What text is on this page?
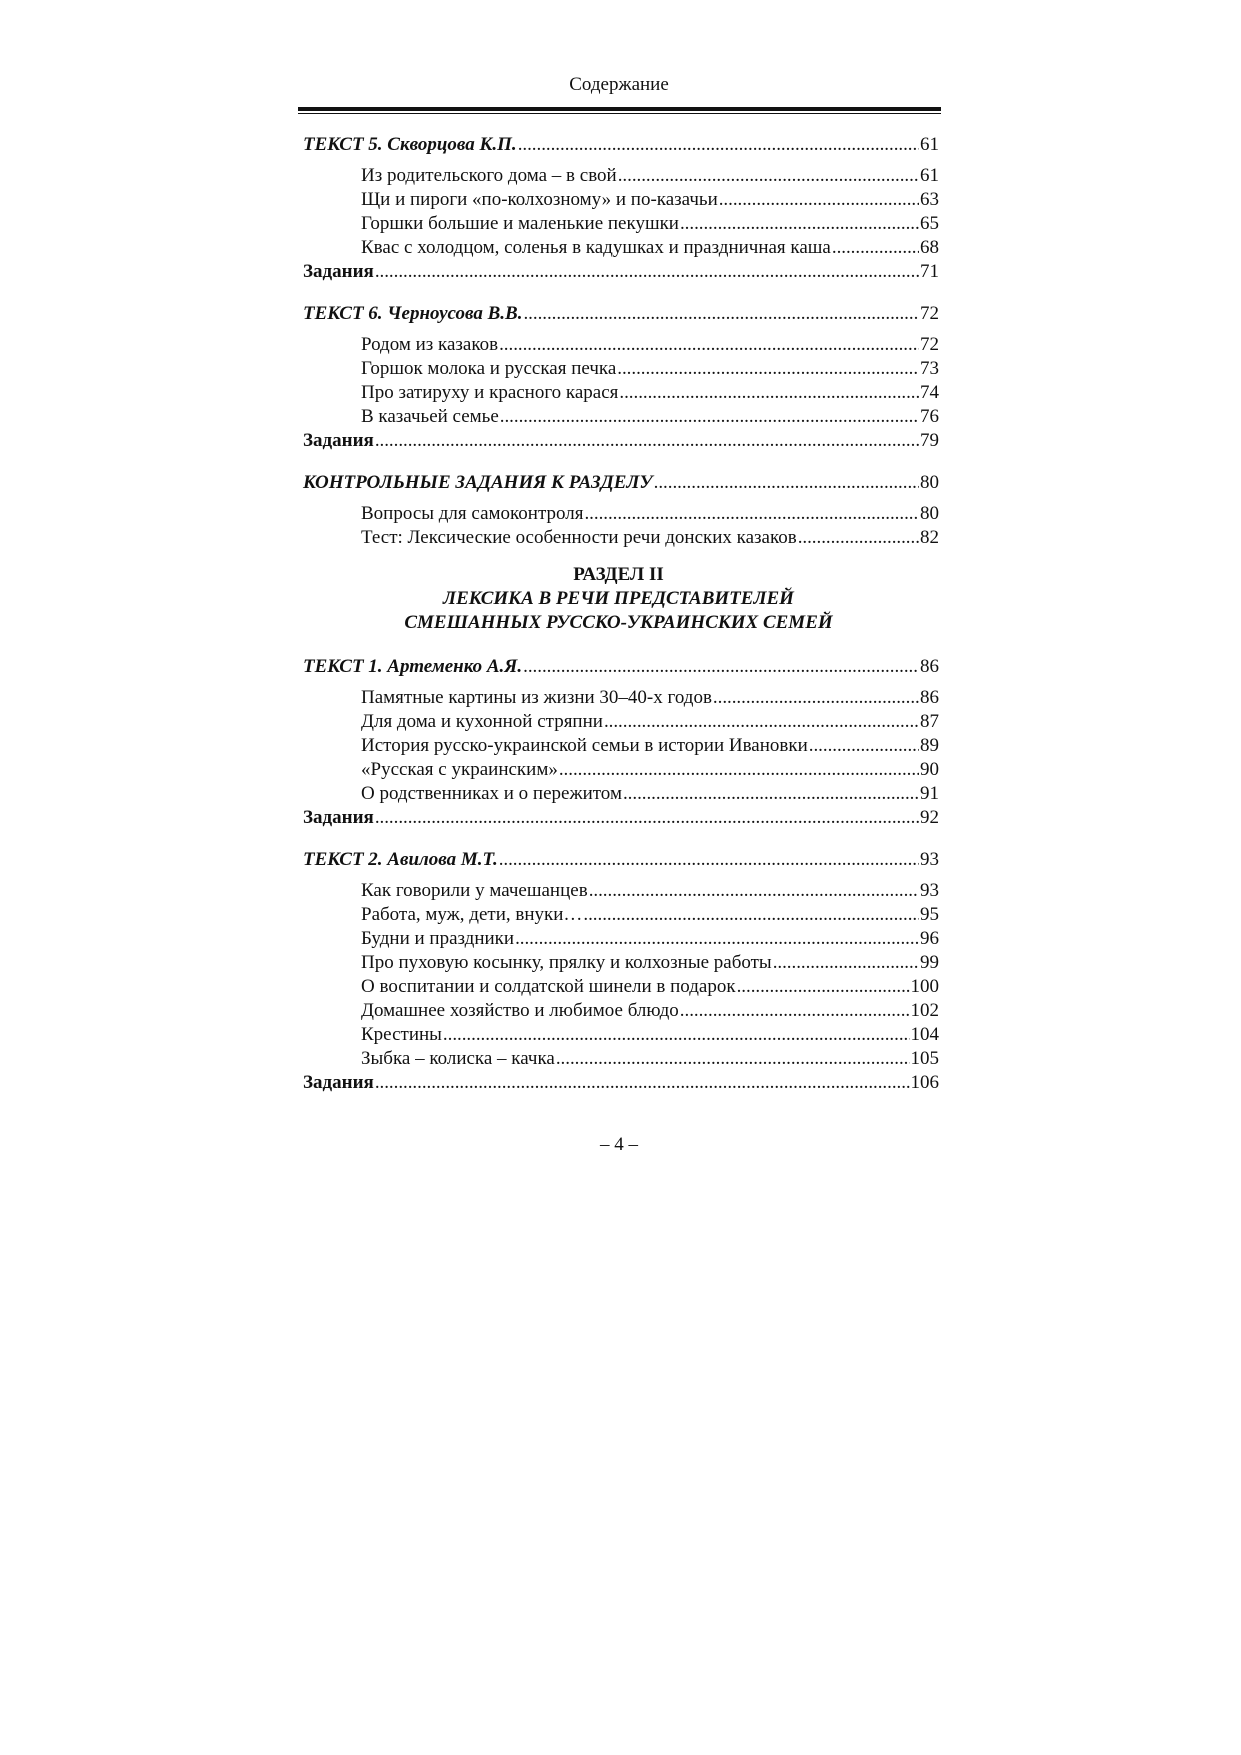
Содержание
ТЕКСТ 5. Скворцова К.П. . . .	61
Из родительского дома – в свой . . .	61
Щи и пироги «по-колхозному» и по-казачьи . . .	63
Горшки большие и маленькие пекушки . . .	65
Квас с холодцом, соленья в кадушках и праздничная каша . . .	68
Задания . . .	71
ТЕКСТ 6. Черноусова В.В. . . .	72
Родом из казаков . . .	72
Горшок молока и русская печка . . .	73
Про затируху и красного карася . . .	74
В казачьей семье . . .	76
Задания . . .	79
КОНТРОЛЬНЫЕ ЗАДАНИЯ К РАЗДЕЛУ . . .	80
Вопросы для самоконтроля . . .	80
Тест: Лексические особенности речи донских казаков . . .	82
РАЗДЕЛ II
ЛЕКСИКА В РЕЧИ ПРЕДСТАВИТЕЛЕЙ
СМЕШАННЫХ РУССКО-УКРАИНСКИХ СЕМЕЙ
ТЕКСТ 1. Артеменко А.Я. . . .	86
Памятные картины из жизни 30–40-х годов . . .	86
Для дома и кухонной стряпни . . .	87
История русско-украинской семьи в истории Ивановки . . .	89
«Русская с украинским» . . .	90
О родственниках и о пережитом . . .	91
Задания . . .	92
ТЕКСТ 2. Авилова М.Т. . . .	93
Как говорили у мачешанцев . . .	93
Работа, муж, дети, внуки… . . .	95
Будни и праздники . . .	96
Про пуховую косынку, прялку и колхозные работы . . .	99
О воспитании и солдатской шинели в подарок . . .	100
Домашнее хозяйство и любимое блюдо . . .	102
Крестины . . .	104
Зыбка – колиска – качка . . .	105
Задания . . .	106
– 4 –
